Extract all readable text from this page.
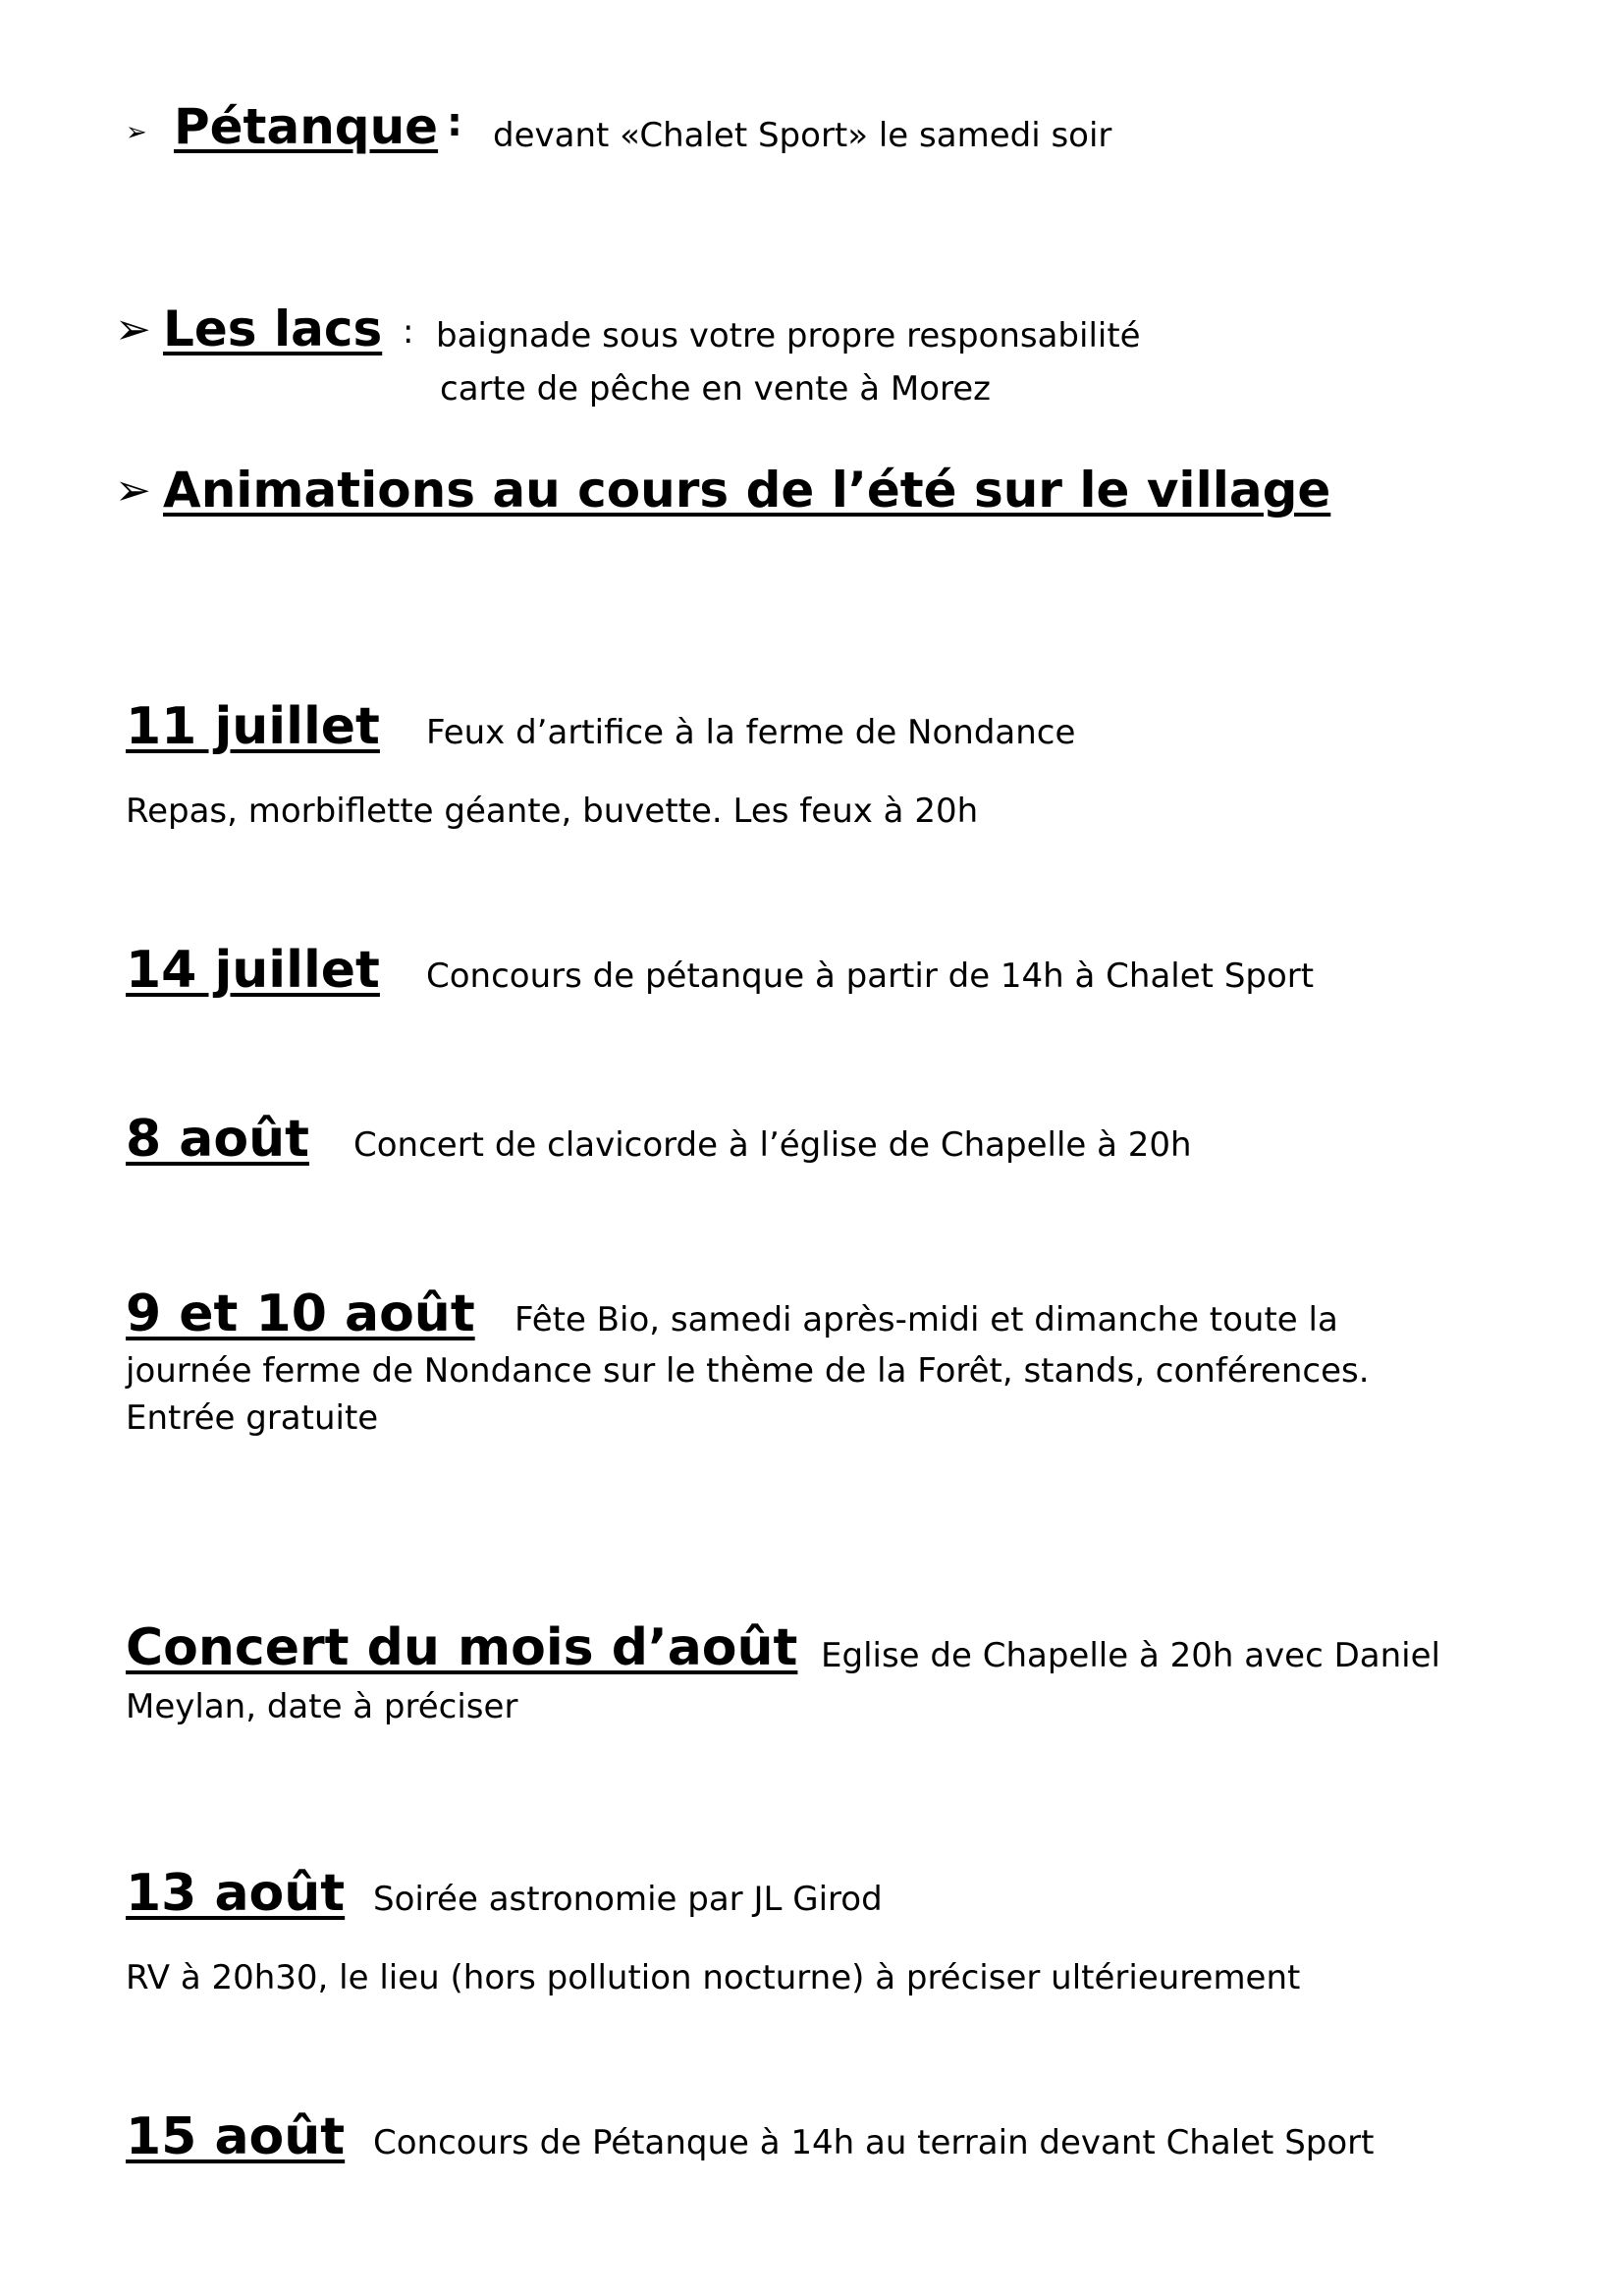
➢ Pétanque : devant «Chalet Sport» le samedi soir
➢ Les lacs : baignade sous votre propre responsabilité
carte de pêche en vente à Morez
➢ Animations au cours de l’été sur le village
11 juillet Feux d’artifice à la ferme de Nondance
Repas, morbiflette géante, buvette. Les feux à 20h
14 juillet Concours de pétanque à partir de 14h à Chalet Sport
8 août Concert de clavicorde à l’église de Chapelle à 20h
9 et 10 août Fête Bio, samedi après-midi et dimanche toute la
journée ferme de Nondance sur le thème de la Forêt, stands, conférences.
Entrée gratuite
Concert du mois d’août Eglise de Chapelle à 20h avec Daniel
Meylan, date à préciser
13 août Soirée astronomie par JL Girod
RV à 20h30, le lieu (hors pollution nocturne) à préciser ultérieurement
15 août Concours de Pétanque à 14h au terrain devant Chalet Sport
